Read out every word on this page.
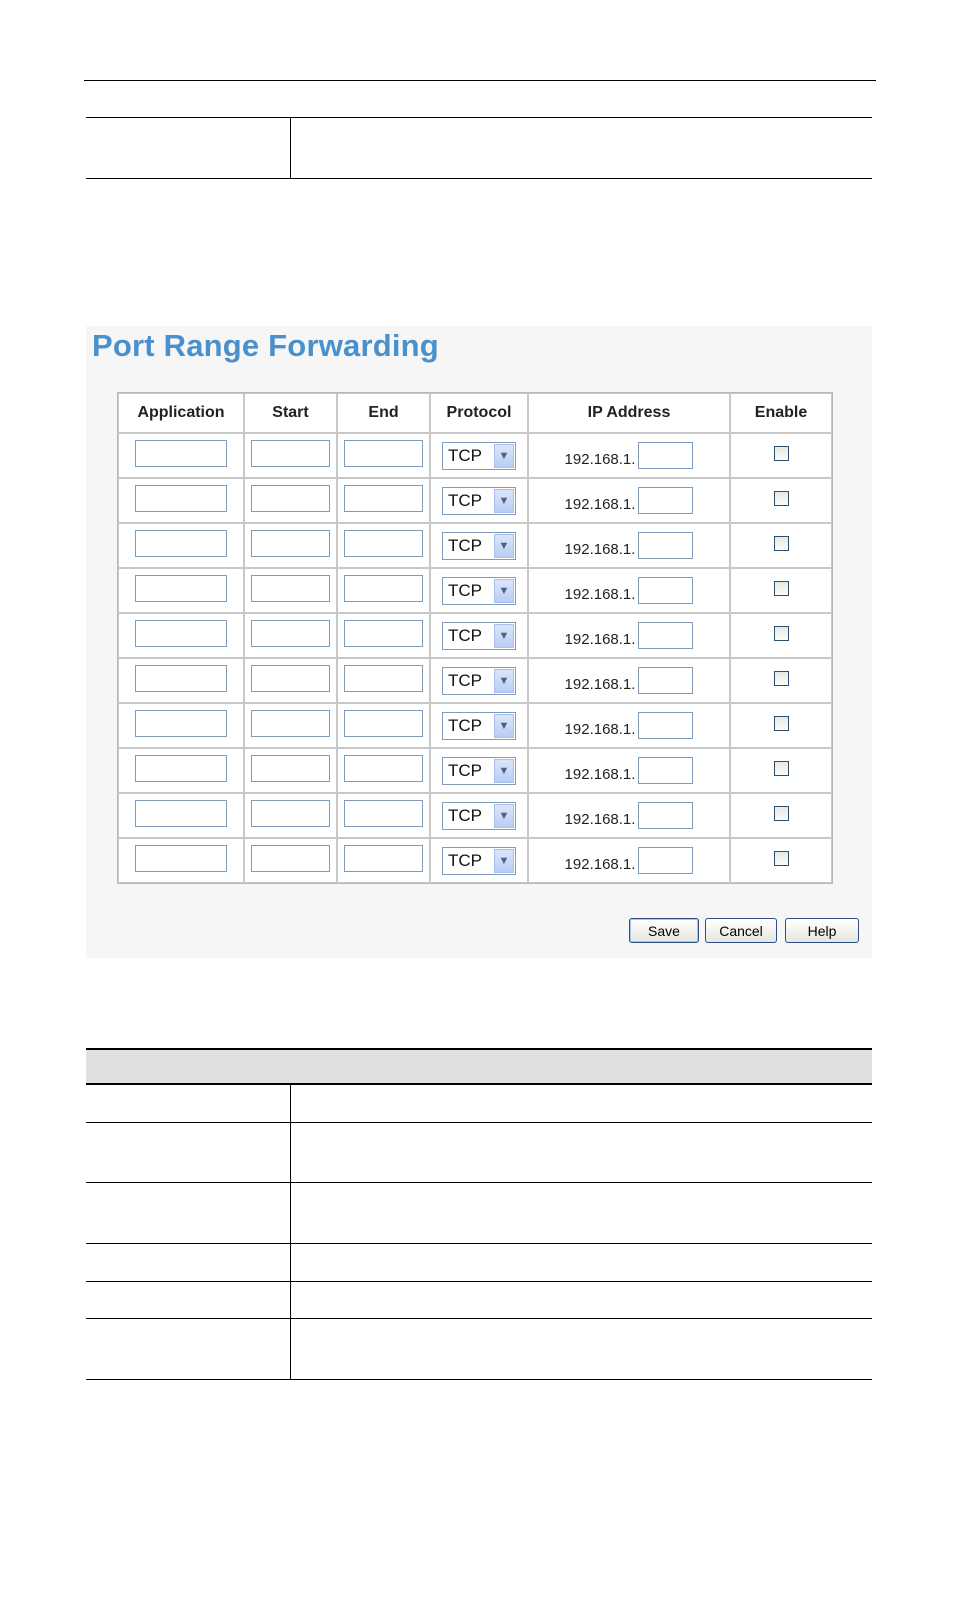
Port Range Forwarding
Application	Start	End	Protocol	IP Address	Enable

			TCP ▼	192.168.1.	

			TCP ▼	192.168.1.	

			TCP ▼	192.168.1.	

			TCP ▼	192.168.1.	

			TCP ▼	192.168.1.	

			TCP ▼	192.168.1.	

			TCP ▼	192.168.1.	

			TCP ▼	192.168.1.	

			TCP ▼	192.168.1.	

			TCP ▼	192.168.1.	
Save	Cancel	Help
